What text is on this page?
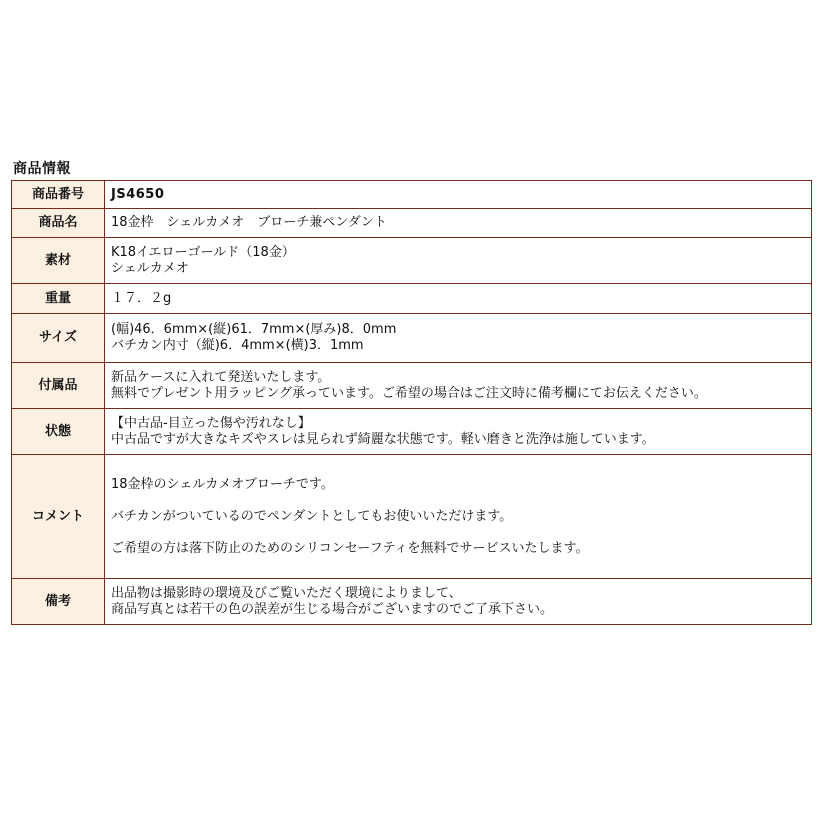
商品情報
商品番号	JS4650

商品名	18金枠　シェルカメオ　ブローチ兼ペンダント

素材	K18イエローゴールド（18金）
シェルカメオ

重量	１７．２g

サイズ	(幅)46．6mm×(縦)61．7mm×(厚み)8．0mm
バチカン内寸（縦)6．4mm×(横)3．1mm

付属品	新品ケースに入れて発送いたします。
無料でプレゼント用ラッピング承っています。ご希望の場合はご注文時に備考欄にてお伝えください。

状態	【中古品-目立った傷や汚れなし】
中古品ですが大きなキズやスレは見られず綺麗な状態です。軽い磨きと洗浄は施しています。

コメント	18金枠のシェルカメオブローチです。
バチカンがついているのでペンダントとしてもお使いいただけます。
ご希望の方は落下防止のためのシリコンセーフティを無料でサービスいたします。

備考	出品物は撮影時の環境及びご覧いただく環境によりまして、
商品写真とは若干の色の誤差が生じる場合がございますのでご了承下さい。
